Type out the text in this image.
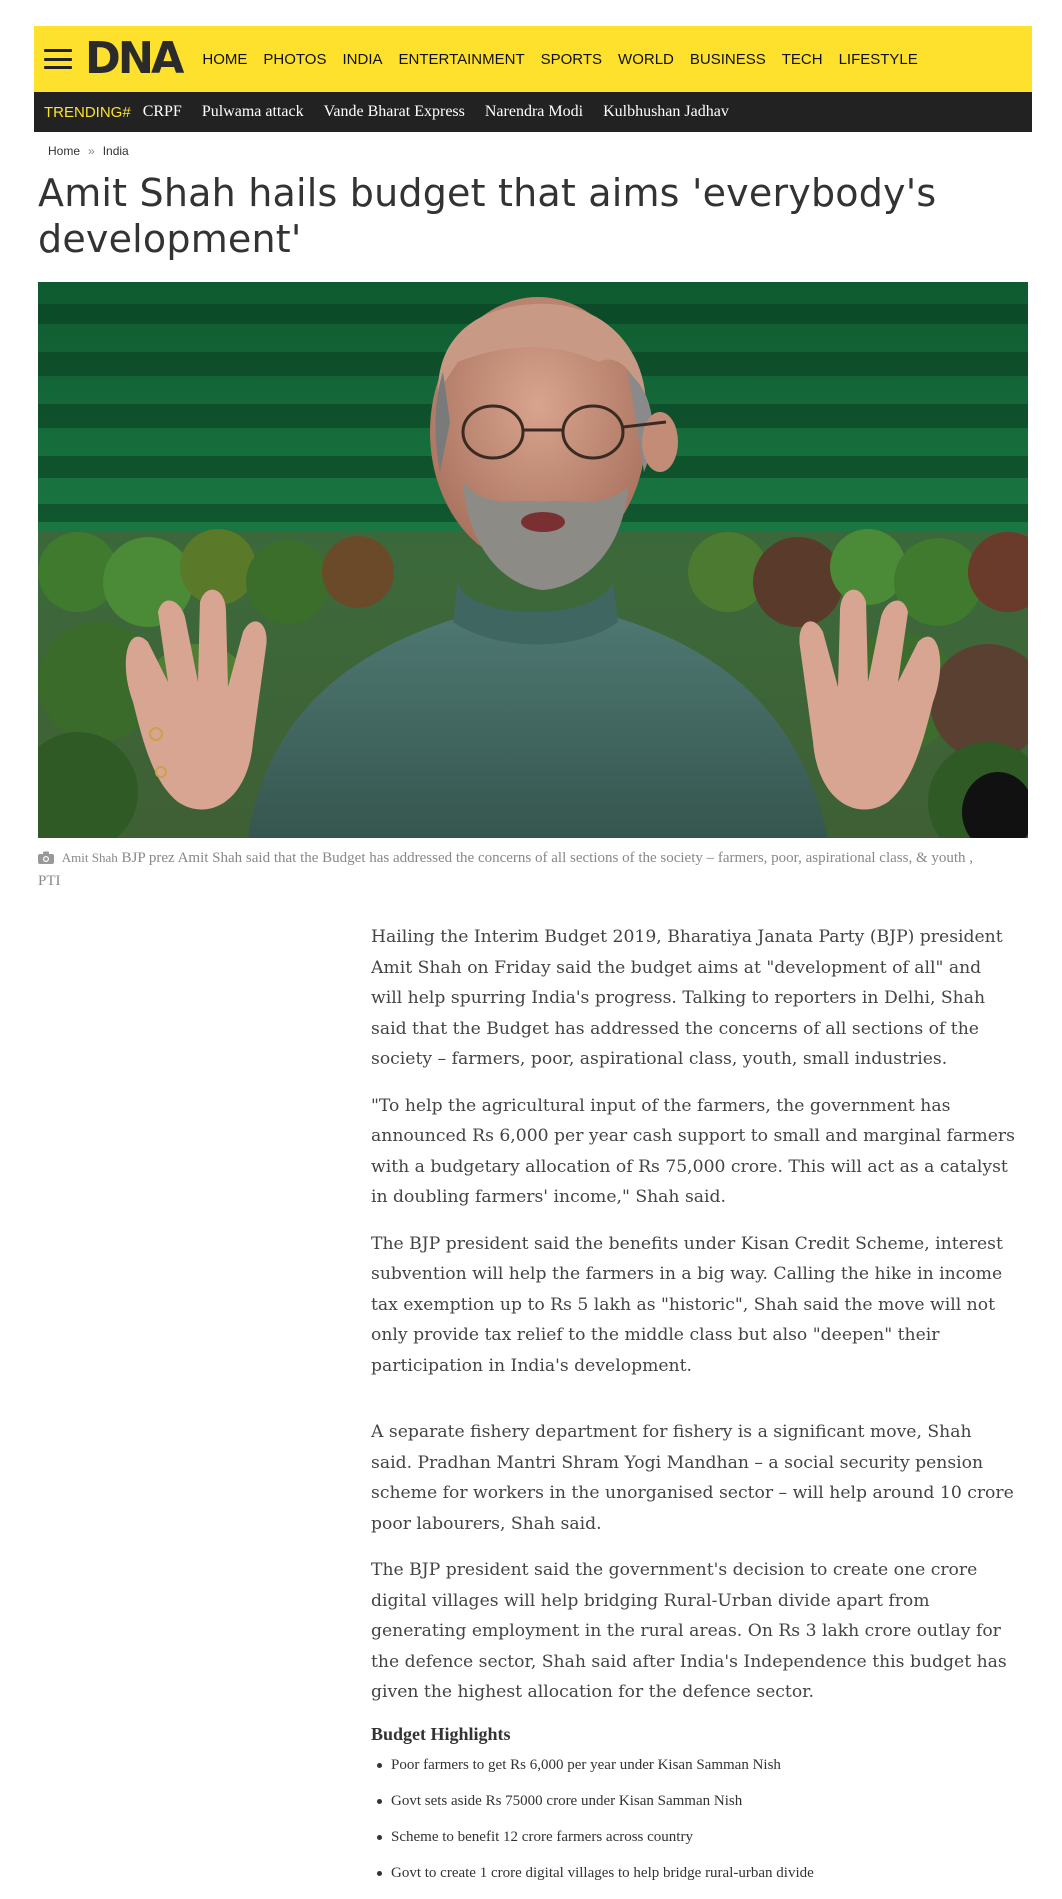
DNA HOME PHOTOS INDIA ENTERTAINMENT SPORTS WORLD BUSINESS TECH LIFESTYLE
TRENDING# CRPF Pulwama attack Vande Bharat Express Narendra Modi Kulbhushan Jadhav
Home » India
Amit Shah hails budget that aims 'everybody's development'
Amit Shah BJP prez Amit Shah said that the Budget has addressed the concerns of all sections of the society – farmers, poor, aspirational class, & youth , PTI

Hailing the Interim Budget 2019, Bharatiya Janata Party (BJP) president Amit Shah on Friday said the budget aims at "development of all" and will help spurring India's progress. Talking to reporters in Delhi, Shah said that the Budget has addressed the concerns of all sections of the society – farmers, poor, aspirational class, youth, small industries.

"To help the agricultural input of the farmers, the government has announced Rs 6,000 per year cash support to small and marginal farmers with a budgetary allocation of Rs 75,000 crore. This will act as a catalyst in doubling farmers' income," Shah said.

The BJP president said the benefits under Kisan Credit Scheme, interest subvention will help the farmers in a big way. Calling the hike in income tax exemption up to Rs 5 lakh as "historic", Shah said the move will not only provide tax relief to the middle class but also "deepen" their participation in India's development.

A separate fishery department for fishery is a significant move, Shah said. Pradhan Mantri Shram Yogi Mandhan – a social security pension scheme for workers in the unorganised sector – will help around 10 crore poor labourers, Shah said.

The BJP president said the government's decision to create one crore digital villages will help bridging Rural-Urban divide apart from generating employment in the rural areas. On Rs 3 lakh crore outlay for the defence sector, Shah said after India's Independence this budget has given the highest allocation for the defence sector.

Budget Highlights
Poor farmers to get Rs 6,000 per year under Kisan Samman Nish
Govt sets aside Rs 75000 crore under Kisan Samman Nish
Scheme to benefit 12 crore farmers across country
Govt to create 1 crore digital villages to help bridge rural-urban divide
